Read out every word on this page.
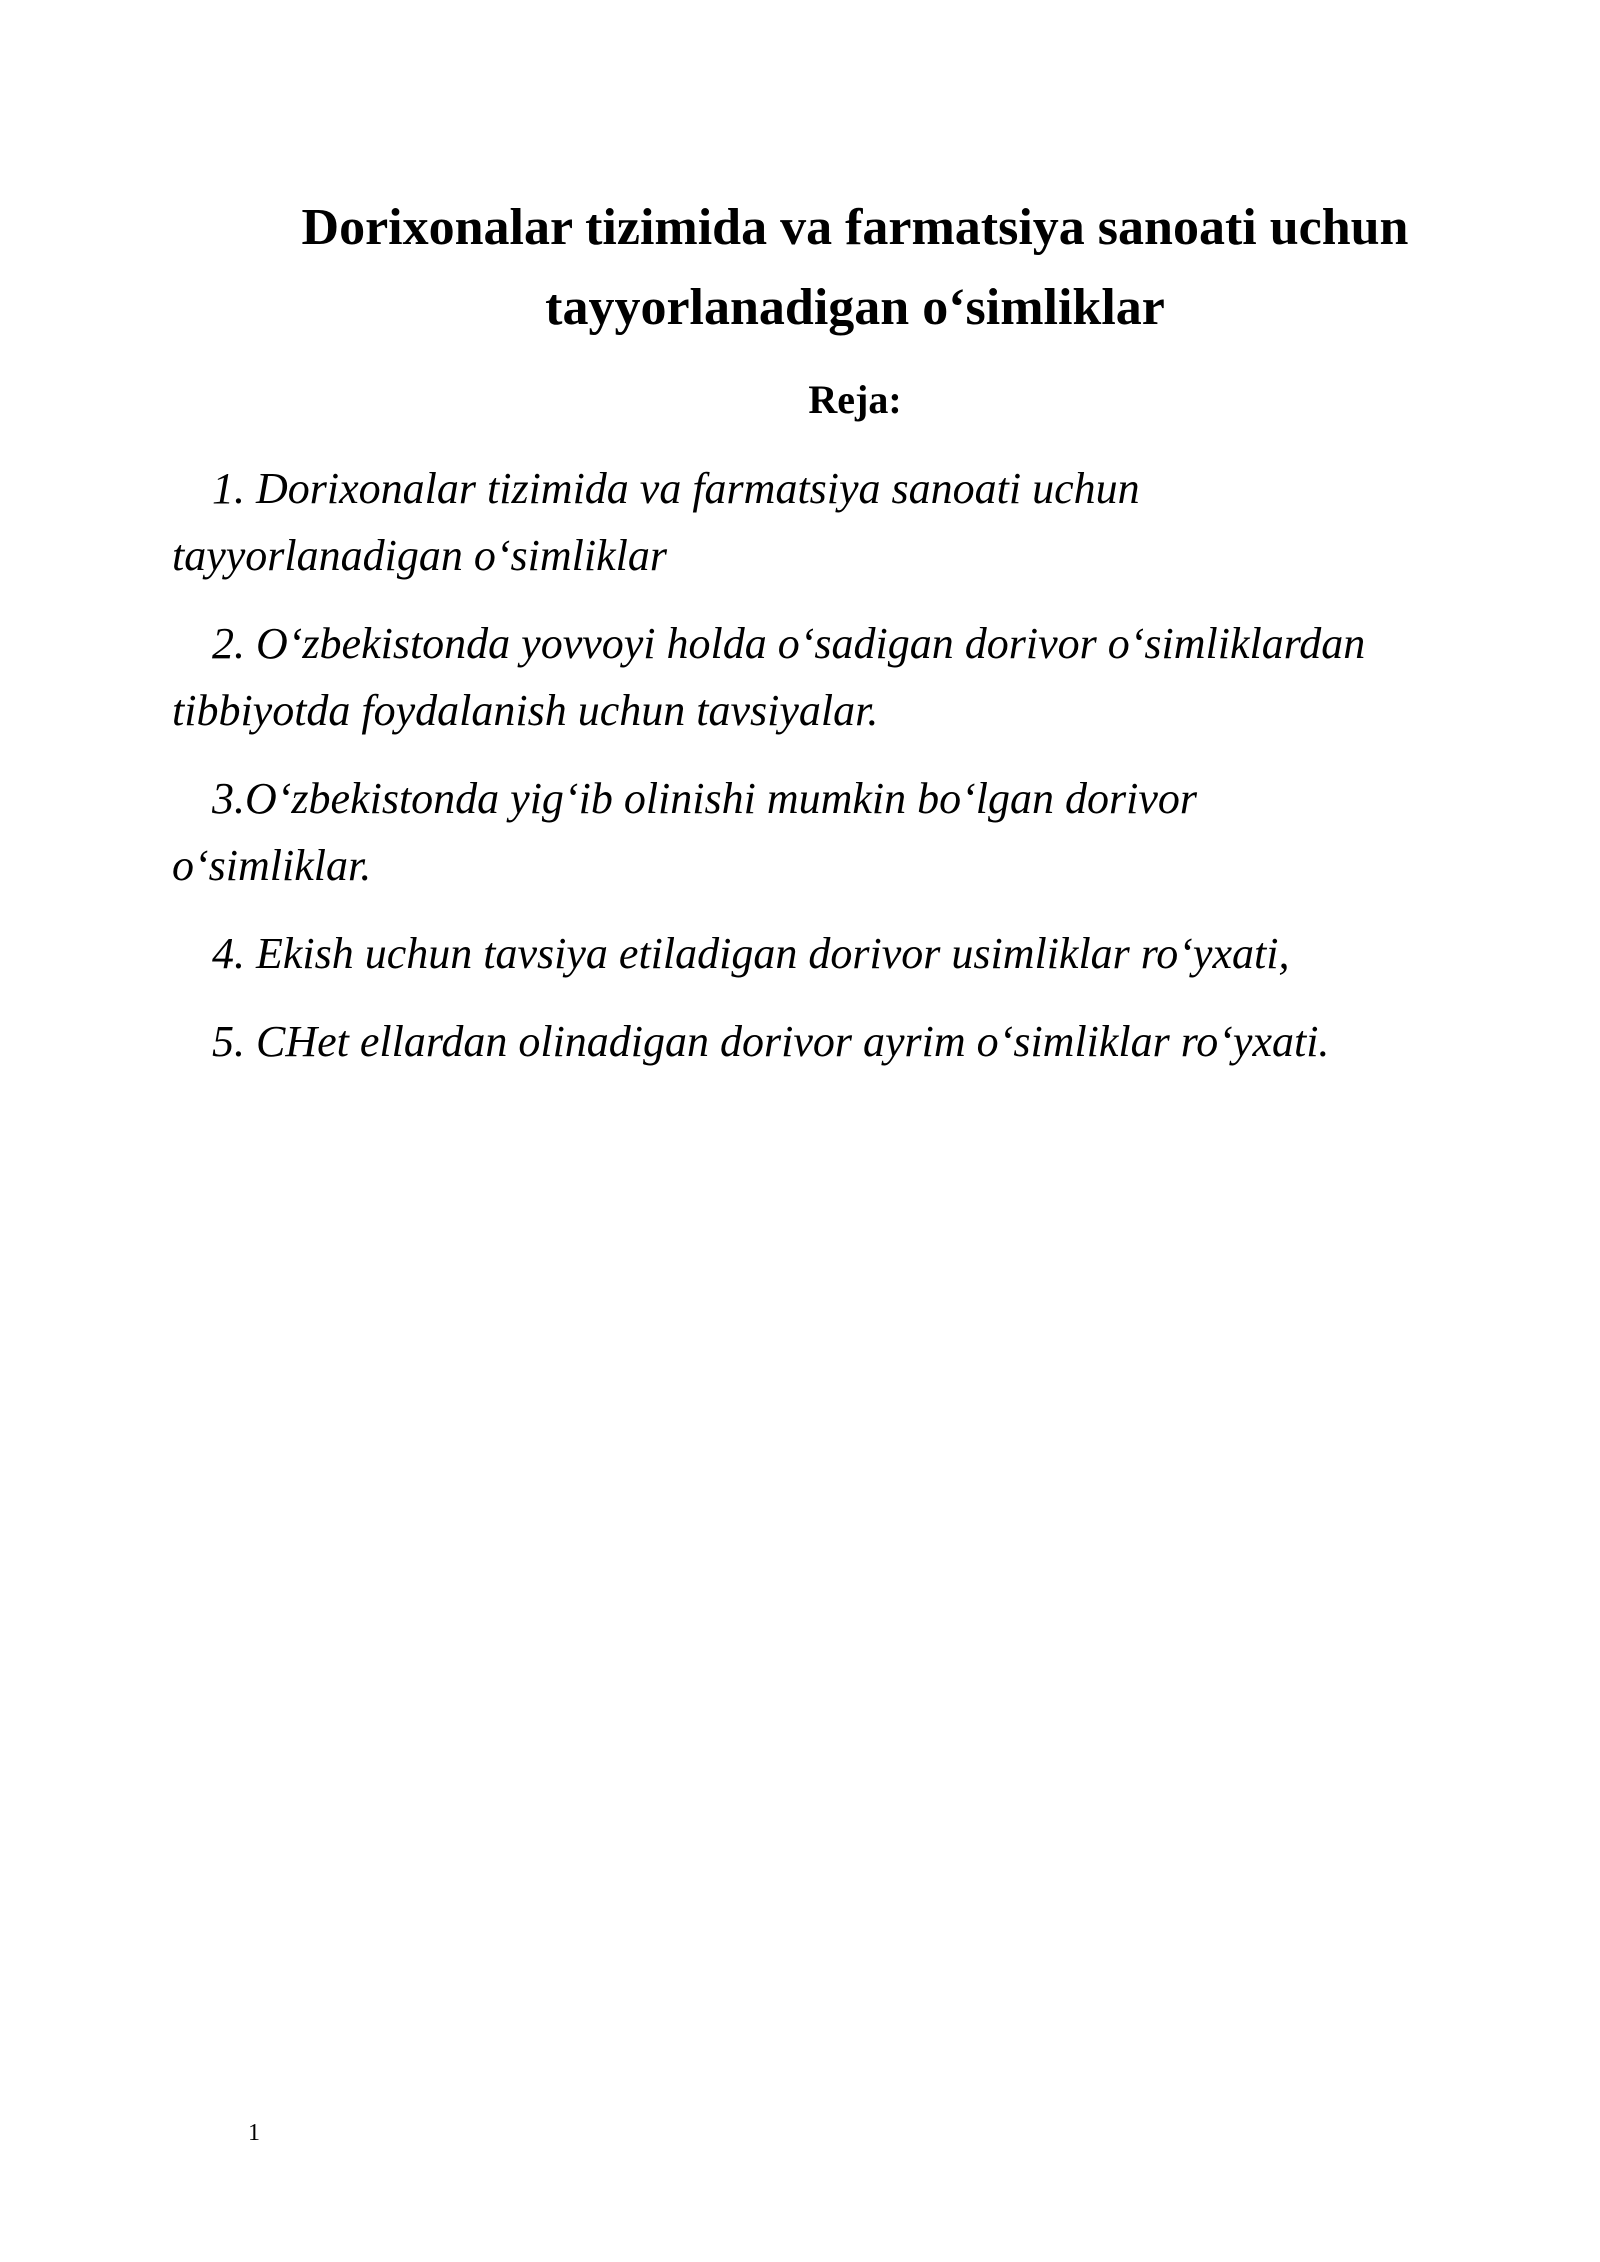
Dorixonalar tizimida va farmatsiya sanoati uchun
tayyorlanadigan o‘simliklar
Reja:
1. Dorixonalar tizimida va farmatsiya sanoati uchun
tayyorlanadigan o‘simliklar
2. O‘zbekistonda yovvoyi holda o‘sadigan dorivor o‘simliklardan
tibbiyotda foydalanish uchun tavsiyalar.
3.O‘zbekistonda yig‘ib olinishi mumkin bo‘lgan dorivor
o‘simliklar.
4. Ekish uchun tavsiya etiladigan dorivor usimliklar ro‘yxati,
5. CHet ellardan olinadigan dorivor ayrim o‘simliklar ro‘yxati.
1
